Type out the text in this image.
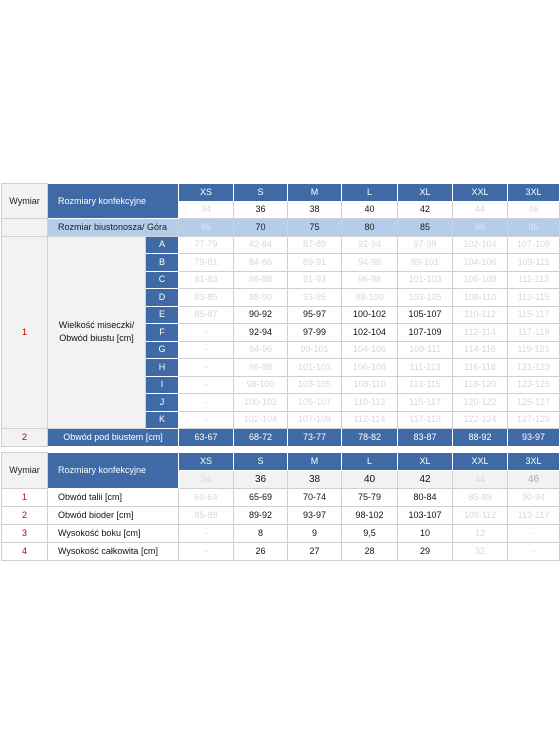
Wymiar	Rozmiary konfekcyjne		XS	S	M	L	XL	XXL	3XL
			34	36	38	40	42	44	46
	Rozmiar biustonosza/ Góra		65	70	75	80	85	90	95
1	Wielkość miseczki/
Obwód biustu [cm]	A	77-79	82-84	87-89	92-94	97-99	102-104	107-109
		B	79-81	84-86	89-91	94-96	99-101	104-106	109-111
		C	81-83	86-88	91-93	96-98	101-103	106-108	111-113
		D	83-85	88-90	93-95	98-100	103-105	108-110	113-115
		E	85-87	90-92	95-97	100-102	105-107	110-112	115-117
		F	-	92-94	97-99	102-104	107-109	112-114	117-119
		G	-	94-96	99-101	104-106	109-111	114-116	119-121
		H	-	96-98	101-103	106-108	111-113	116-118	121-123
		I	-	98-100	103-105	108-110	113-115	118-120	123-125
		J	-	100-102	105-107	110-112	115-117	120-122	125-127
		K	-	102-104	107-109	112-114	117-119	122-124	127-129
2	Obwód pod biustem [cm]		63-67	68-72	73-77	78-82	83-87	88-92	93-97
Wymiar	Rozmiary konfekcyjne	XS	S	M	L	XL	XXL	3XL
		34	36	38	40	42	44	46
1	Obwód talii [cm]	60-64	65-69	70-74	75-79	80-84	85-89	90-94
2	Obwód bioder [cm]	85-88	89-92	93-97	98-102	103-107	108-112	113-117
3	Wysokość boku [cm]	-	8	9	9,5	10	12	-
4	Wysokość całkowita [cm]	-	26	27	28	29	32	-
